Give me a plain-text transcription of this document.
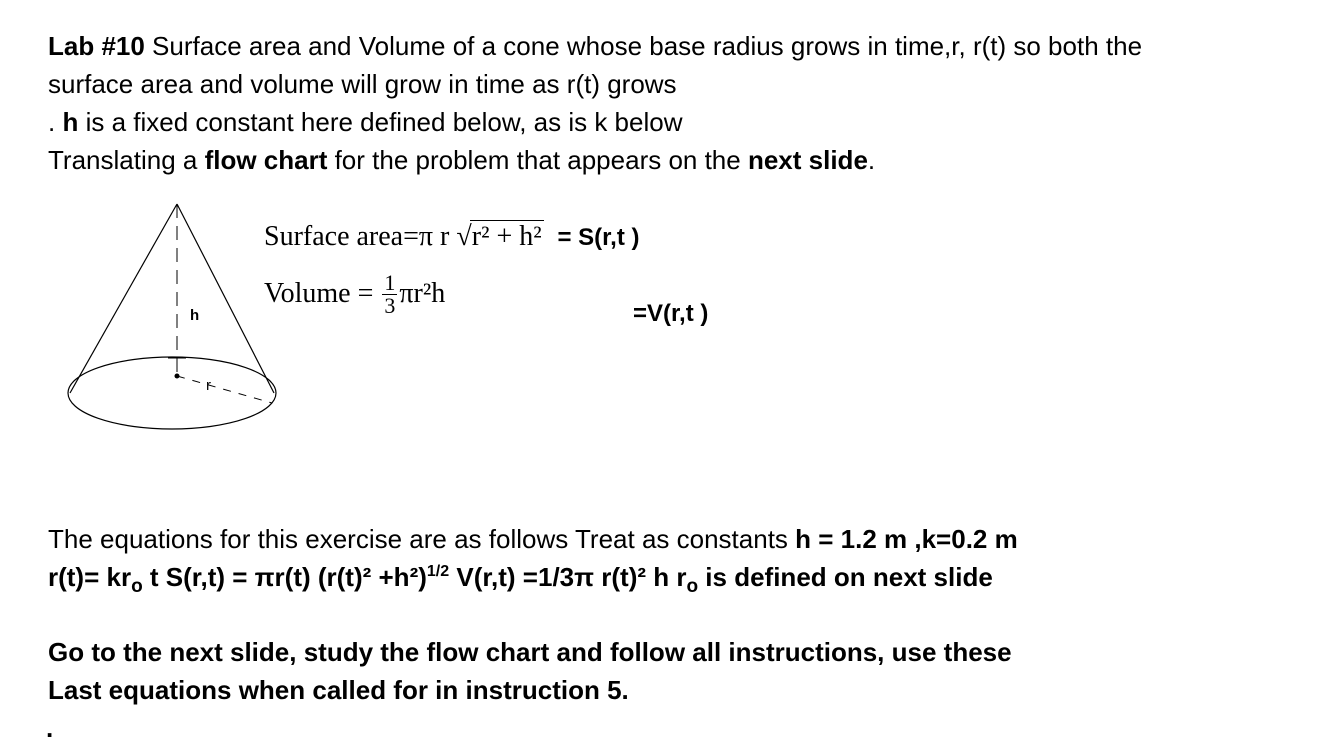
Lab #10 Surface area and Volume of a cone whose base radius grows in time,r, r(t) so both the
surface area and volume will grow in time as r(t) grows
. h is a fixed constant here defined below, as is k below
Translating a flow chart for the problem that appears on the next slide.
h
r
Surface area=π r √r² + h² = S(r,t )
Volume = $\frac{1}{3} \pi r^2h$
=V(r,t )
The equations for this exercise are as follows Treat as constants h = 1.2 m ,k=0.2 m
$r(t)= kr_o$ t S(r,t) = πr(t) $(r(t)^2 +h^2)^{1/2}$ V(r,t) =1/3π r(t)² h $r_o$ is defined on next slide
Go to the next slide, study the flow chart and follow all instructions, use these
Last equations when called for in instruction 5.
.
